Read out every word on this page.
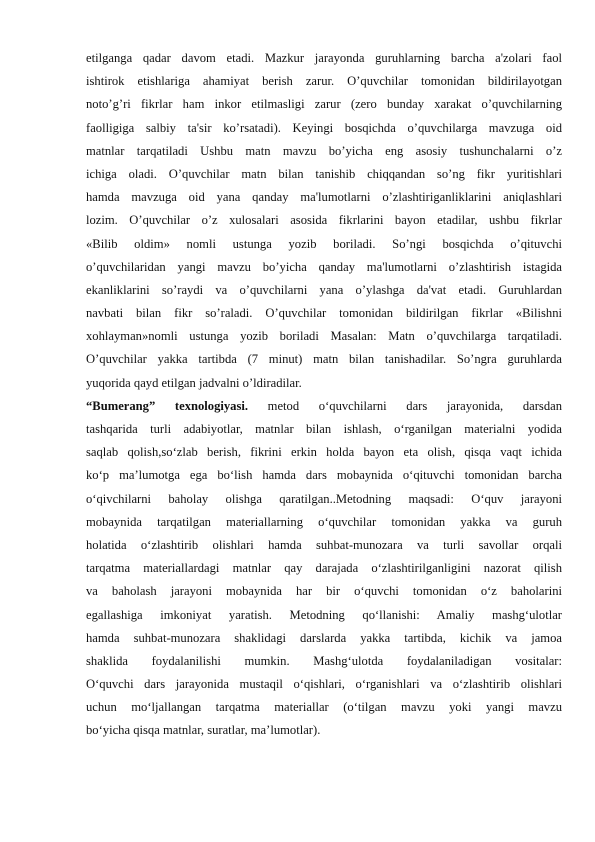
etilganga qadar davom etadi. Mazkur jarayonda guruhlarning barcha a'zolari faol
ishtirok etishlariga ahamiyat berish zarur. O’quvchilar tomonidan bildirilayotgan
noto’g’ri fikrlar ham inkor etilmasligi zarur (zero bunday xarakat o’quvchilarning
faolligiga salbiy ta'sir ko’rsatadi). Keyingi bosqichda o’quvchilarga mavzuga oid
matnlar tarqatiladi Ushbu matn mavzu bo’yicha eng asosiy tushunchalarni o’z
ichiga oladi. O’quvchilar matn bilan tanishib chiqqandan so’ng fikr yuritishlari
hamda mavzuga oid yana qanday ma'lumotlarni o’zlashtiriganliklarini aniqlashlari
lozim. O’quvchilar o’z xulosalari asosida fikrlarini bayon etadilar, ushbu fikrlar
«Bilib oldim» nomli ustunga yozib boriladi. So’ngi bosqichda o’qituvchi
o’quvchilaridan yangi mavzu bo’yicha qanday ma'lumotlarni o’zlashtirish istagida
ekanliklarini so’raydi va o’quvchilarni yana o’ylashga da'vat etadi. Guruhlardan
navbati bilan fikr so’raladi. O’quvchilar tomonidan bildirilgan fikrlar «Bilishni
xohlayman»nomli ustunga yozib boriladi Masalan: Matn o’quvchilarga tarqatiladi.
O’quvchilar yakka tartibda (7 minut) matn bilan tanishadilar. So’ngra guruhlarda
yuqorida qayd etilgan jadvalni o’ldiradilar.
“Bumerang” texnologiyasi. metod o‘quvchilarni dars jarayonida, darsdan
tashqarida turli adabiyotlar, matnlar bilan ishlash, o‘rganilgan materialni yodida
saqlab qolish,so‘zlab berish, fikrini erkin holda bayon eta olish, qisqa vaqt ichida
ko‘p ma’lumotga ega bo‘lish hamda dars mobaynida o‘qituvchi tomonidan barcha
o‘qivchilarni baholay olishga qaratilgan..Metodning maqsadi: O‘quv jarayoni
mobaynida tarqatilgan materiallarning o‘quvchilar tomonidan yakka va guruh
holatida o‘zlashtirib olishlari hamda suhbat-munozara va turli savollar orqali
tarqatma materiallardagi matnlar qay darajada o‘zlashtirilganligini nazorat qilish
va baholash jarayoni mobaynida har bir o‘quvchi tomonidan o‘z baholarini
egallashiga imkoniyat yaratish. Metodning qo‘llanishi: Amaliy mashg‘ulotlar
hamda suhbat-munozara shaklidagi darslarda yakka tartibda, kichik va jamoa
shaklida foydalanilishi mumkin. Mashg‘ulotda foydalaniladigan vositalar:
O‘quvchi dars jarayonida mustaqil o‘qishlari, o‘rganishlari va o‘zlashtirib olishlari
uchun mo‘ljallangan tarqatma materiallar (o‘tilgan mavzu yoki yangi mavzu
bo‘yicha qisqa matnlar, suratlar, ma’lumotlar).
